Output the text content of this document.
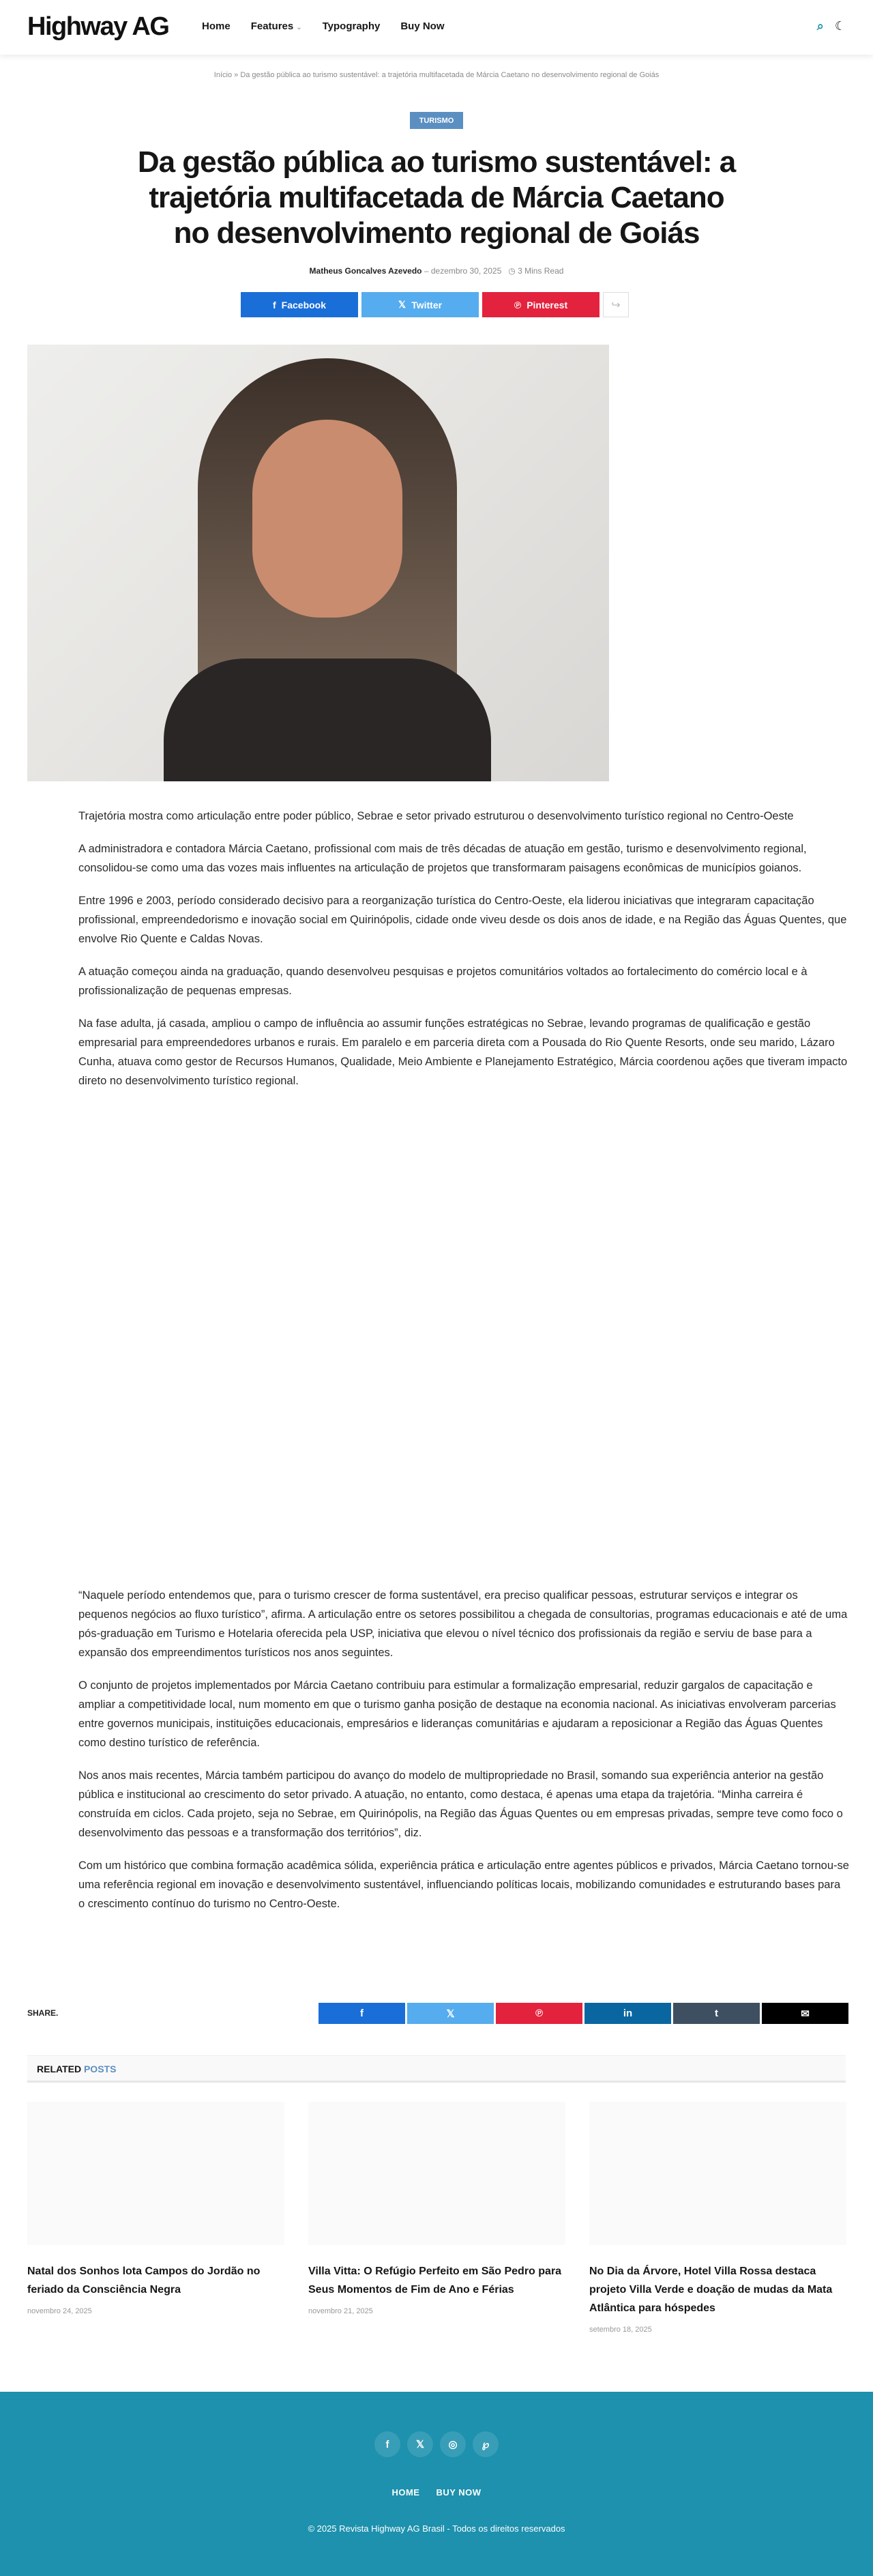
Highway AG	Home Features ⌄ Typography Buy Now	⌕ ☾
Início » Da gestão pública ao turismo sustentável: a trajetória multifacetada de Márcia Caetano no desenvolvimento regional de Goiás
TURISMO
Da gestão pública ao turismo sustentável: a trajetória multifacetada de Márcia Caetano no desenvolvimento regional de Goiás
Matheus Goncalves Azevedo – dezembro 30, 2025   ◷ 3 Mins Read
f Facebook	𝕏 Twitter	℗ Pinterest	↪

Trajetória mostra como articulação entre poder público, Sebrae e setor privado estruturou o desenvolvimento turístico regional no Centro-Oeste

A administradora e contadora Márcia Caetano, profissional com mais de três décadas de atuação em gestão, turismo e desenvolvimento regional, consolidou-se como uma das vozes mais influentes na articulação de projetos que transformaram paisagens econômicas de municípios goianos.

Entre 1996 e 2003, período considerado decisivo para a reorganização turística do Centro-Oeste, ela liderou iniciativas que integraram capacitação profissional, empreendedorismo e inovação social em Quirinópolis, cidade onde viveu desde os dois anos de idade, e na Região das Águas Quentes, que envolve Rio Quente e Caldas Novas.

A atuação começou ainda na graduação, quando desenvolveu pesquisas e projetos comunitários voltados ao fortalecimento do comércio local e à profissionalização de pequenas empresas.

Na fase adulta, já casada, ampliou o campo de influência ao assumir funções estratégicas no Sebrae, levando programas de qualificação e gestão empresarial para empreendedores urbanos e rurais. Em paralelo e em parceria direta com a Pousada do Rio Quente Resorts, onde seu marido, Lázaro Cunha, atuava como gestor de Recursos Humanos, Qualidade, Meio Ambiente e Planejamento Estratégico, Márcia coordenou ações que tiveram impacto direto no desenvolvimento turístico regional.

“Naquele período entendemos que, para o turismo crescer de forma sustentável, era preciso qualificar pessoas, estruturar serviços e integrar os pequenos negócios ao fluxo turístico”, afirma. A articulação entre os setores possibilitou a chegada de consultorias, programas educacionais e até de uma pós-graduação em Turismo e Hotelaria oferecida pela USP, iniciativa que elevou o nível técnico dos profissionais da região e serviu de base para a expansão dos empreendimentos turísticos nos anos seguintes.

O conjunto de projetos implementados por Márcia Caetano contribuiu para estimular a formalização empresarial, reduzir gargalos de capacitação e ampliar a competitividade local, num momento em que o turismo ganha posição de destaque na economia nacional. As iniciativas envolveram parcerias entre governos municipais, instituições educacionais, empresários e lideranças comunitárias e ajudaram a reposicionar a Região das Águas Quentes como destino turístico de referência.

Nos anos mais recentes, Márcia também participou do avanço do modelo de multipropriedade no Brasil, somando sua experiência anterior na gestão pública e institucional ao crescimento do setor privado. A atuação, no entanto, como destaca, é apenas uma etapa da trajetória. “Minha carreira é construída em ciclos. Cada projeto, seja no Sebrae, em Quirinópolis, na Região das Águas Quentes ou em empresas privadas, sempre teve como foco o desenvolvimento das pessoas e a transformação dos territórios”, diz.

Com um histórico que combina formação acadêmica sólida, experiência prática e articulação entre agentes públicos e privados, Márcia Caetano tornou-se uma referência regional em inovação e desenvolvimento sustentável, influenciando políticas locais, mobilizando comunidades e estruturando bases para o crescimento contínuo do turismo no Centro-Oeste.

SHARE.	f	𝕏	℗	in	t	✉
RELATED POSTS
Natal dos Sonhos lota Campos do Jordão no feriado da Consciência Negra
novembro 24, 2025
Villa Vitta: O Refúgio Perfeito em São Pedro para Seus Momentos de Fim de Ano e Férias
novembro 21, 2025
No Dia da Árvore, Hotel Villa Rossa destaca projeto Villa Verde e doação de mudas da Mata Atlântica para hóspedes
setembro 18, 2025
f	𝕏	◎	℘
HOME BUY NOW
© 2025 Revista Highway AG Brasil - Todos os direitos reservados
